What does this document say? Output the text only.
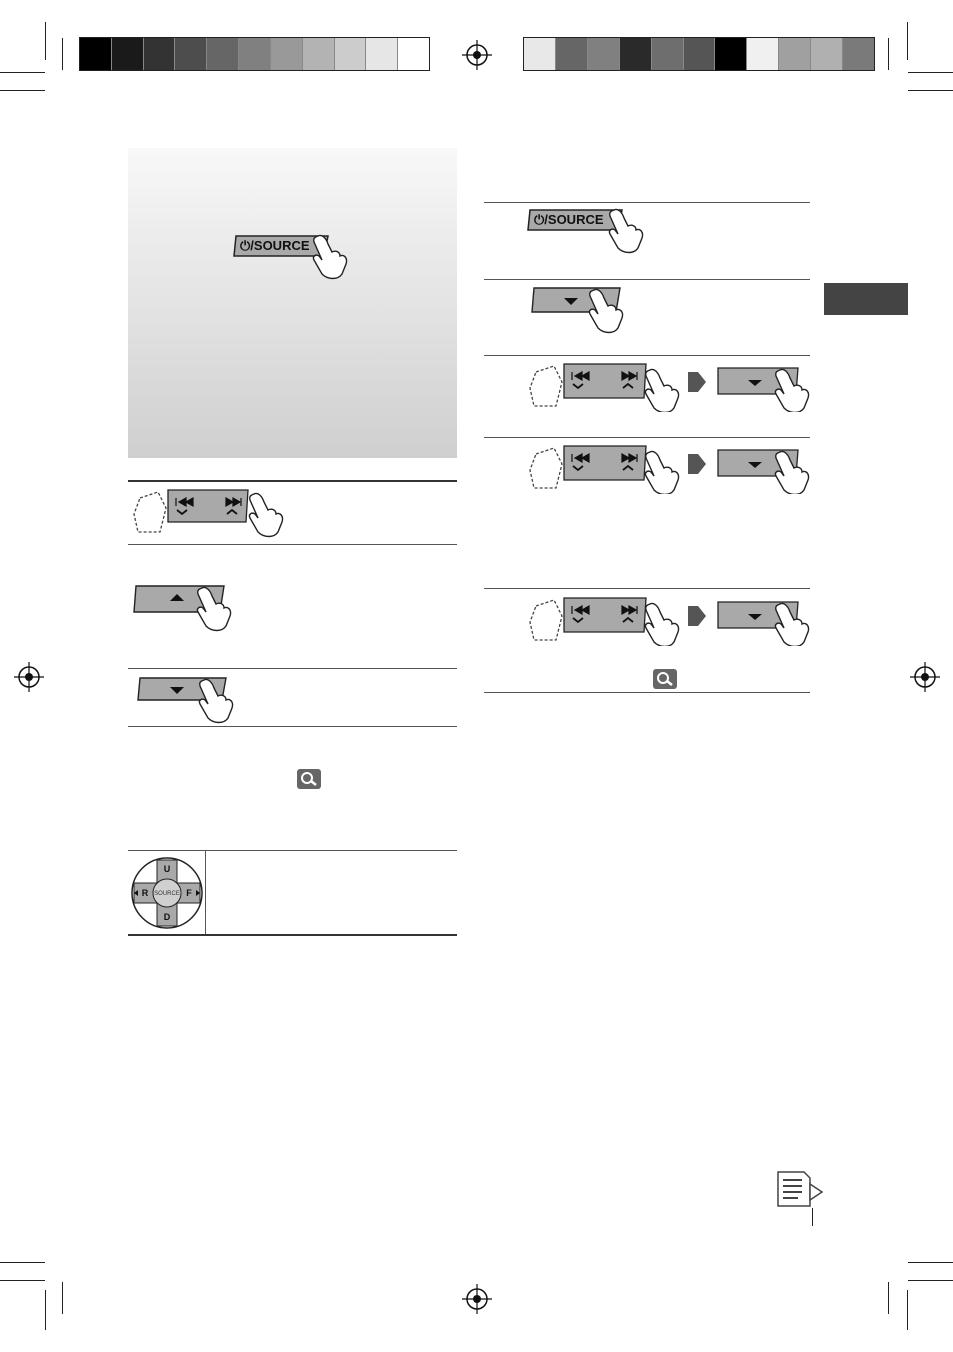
⏻/SOURCE
SOURCE
U
D
R	F
⏻/SOURCE
